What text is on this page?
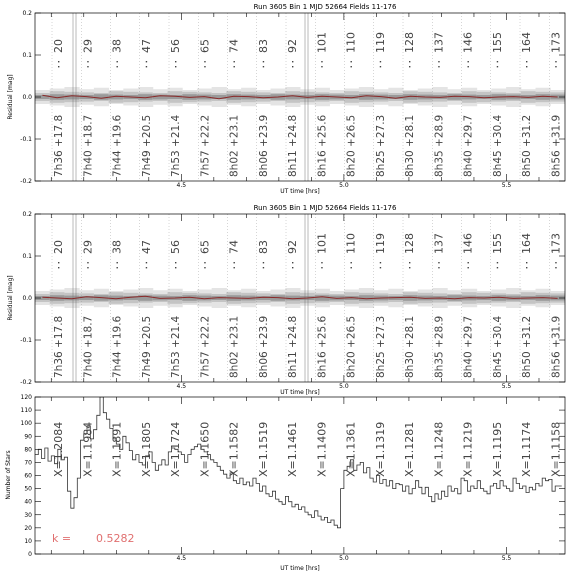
Run 3605 Bin 1 MJD 52664 Fields 11-176
20 29 38 47 56 65 74 83 92 101 110 119 128 137 146 155 164 173
7h36 +17.8 7h40 +18.7 7h44 +19.6 7h49 +20.5 7h53 +21.4 7h57 +22.2 8h02 +23.1 8h06 +23.9 8h11 +24.8 8h16 +25.6 8h20 +26.5 8h25 +27.3 8h30 +28.1 8h35 +28.9 8h40 +29.7 8h45 +30.4 8h50 +31.2 8h56 +31.9
4.5	5.0	5.5
-0.2
-0.1
0.0
0.1
0.2
UT time [hrs]
Residual [mag]
Run 3605 Bin 1 MJD 52664 Fields 11-176
20 29 38 47 56 65 74 83 92 101 110 119 128 137 146 155 164 173
7h36 +17.8 7h40 +18.7 7h44 +19.6 7h49 +20.5 7h53 +21.4 7h57 +22.2 8h02 +23.1 8h06 +23.9 8h11 +24.8 8h16 +25.6 8h20 +26.5 8h25 +27.3 8h30 +28.1 8h35 +28.9 8h40 +29.7 8h45 +30.4 8h50 +31.2 8h56 +31.9
4.5	5.0	5.5
-0.2
-0.1
0.0
0.1
0.2
UT time [hrs]
Residual [mag]
X=1.2084 X=1.1984 X=1.1891 X=1.1805 X=1.1724 X=1.1650 X=1.1582 X=1.1519 X=1.1461 X=1.1409 X=1.1361 X=1.1319 X=1.1281 X=1.1248 X=1.1219 X=1.1195 X=1.1174 X=1.1158
4.5	5.0	5.5
0
10
20
30
40
50
60
70
80
90
100
110
120
k = 0.5282
UT time [hrs]
Number of Stars
